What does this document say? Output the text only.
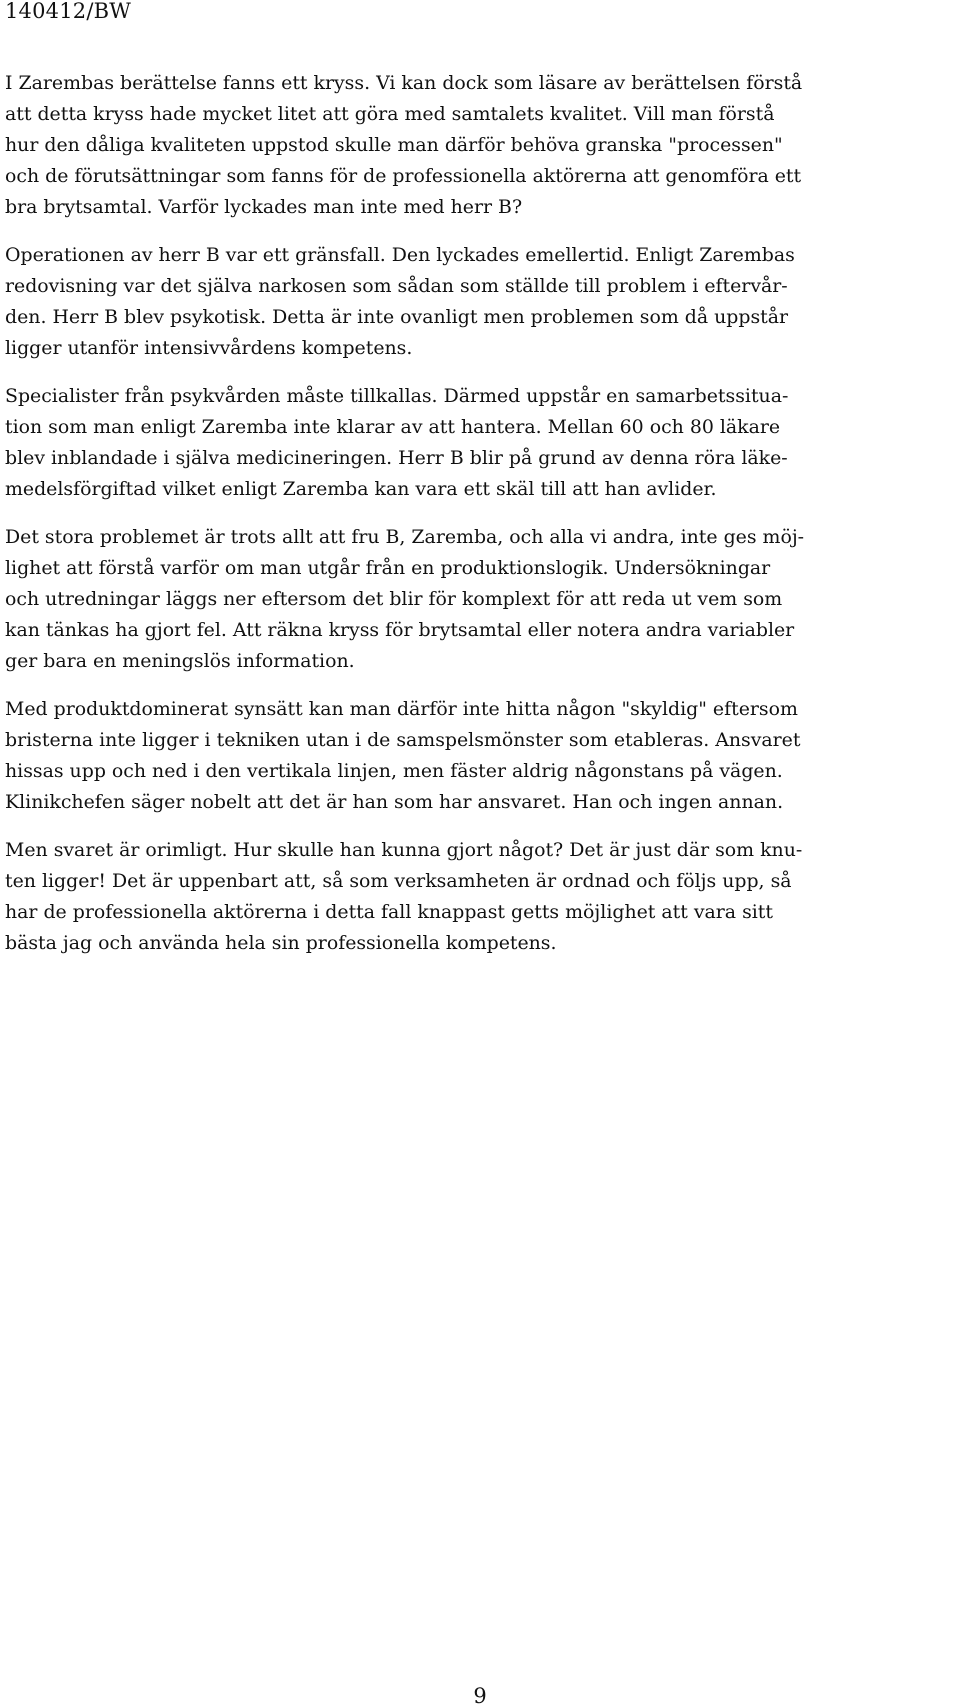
140412/BW
I Zarembas berättelse fanns ett kryss. Vi kan dock som läsare av berättelsen förstå
att detta kryss hade mycket litet att göra med samtalets kvalitet. Vill man förstå
hur den dåliga kvaliteten uppstod skulle man därför behöva granska "processen"
och de förutsättningar som fanns för de professionella aktörerna att genomföra ett
bra brytsamtal. Varför lyckades man inte med herr B?
Operationen av herr B var ett gränsfall. Den lyckades emellertid. Enligt Zarembas
redovisning var det själva narkosen som sådan som ställde till problem i eftervår-
den. Herr B blev psykotisk. Detta är inte ovanligt men problemen som då uppstår
ligger utanför intensivvårdens kompetens.
Specialister från psykvården måste tillkallas. Därmed uppstår en samarbetssitua-
tion som man enligt Zaremba inte klarar av att hantera. Mellan 60 och 80 läkare
blev inblandade i själva medicineringen. Herr B blir på grund av denna röra läke-
medelsförgiftad vilket enligt Zaremba kan vara ett skäl till att han avlider.
Det stora problemet är trots allt att fru B, Zaremba, och alla vi andra, inte ges möj-
lighet att förstå varför om man utgår från en produktionslogik. Undersökningar
och utredningar läggs ner eftersom det blir för komplext för att reda ut vem som
kan tänkas ha gjort fel. Att räkna kryss för brytsamtal eller notera andra variabler
ger bara en meningslös information.
Med produktdominerat synsätt kan man därför inte hitta någon "skyldig" eftersom
bristerna inte ligger i tekniken utan i de samspelsmönster som etableras. Ansvaret
hissas upp och ned i den vertikala linjen, men fäster aldrig någonstans på vägen.
Klinikchefen säger nobelt att det är han som har ansvaret. Han och ingen annan.
Men svaret är orimligt. Hur skulle han kunna gjort något? Det är just där som knu-
ten ligger! Det är uppenbart att, så som verksamheten är ordnad och följs upp, så
har de professionella aktörerna i detta fall knappast getts möjlighet att vara sitt
bästa jag och använda hela sin professionella kompetens.
9
